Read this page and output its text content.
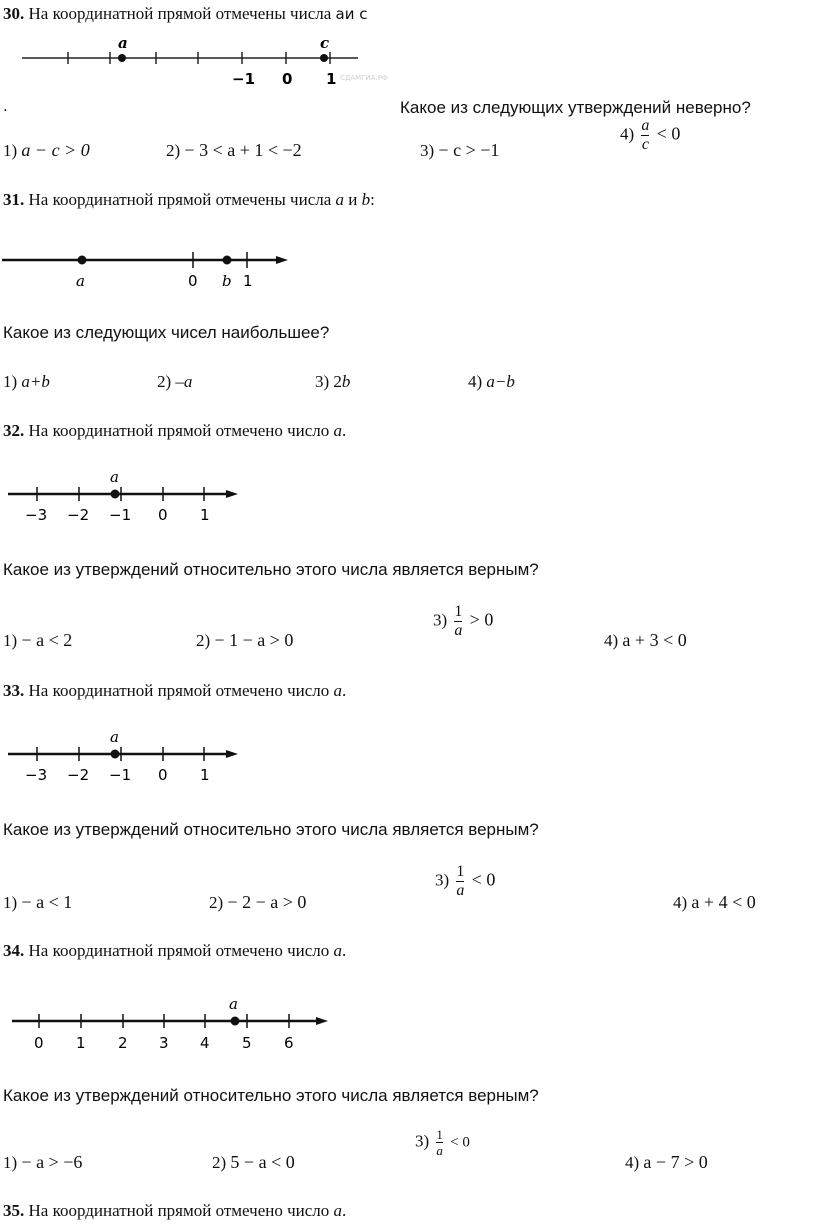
30. На координатной прямой отмечены числа aи c
a	c
−1 0 1 СДАМГИА.РФ
.	Какое из следующих утверждений неверно?
1) a − c > 0	2) − 3 < a + 1 < −2	3) − c > −1
$4) \frac{a}{c} < 0$
31. На координатной прямой отмечены числа a и b:
a	0 b 1
Какое из следующих чисел наибольшее?
1) a+b	2) –a	3) 2b	4) a−b
32. На координатной прямой отмечено число a.
a
−3 −2 −1 0 1
Какое из утверждений относительно этого числа является верным?
1) − a < 2	2) − 1 − a > 0
$3) \frac{1}{a} > 0$
4) a + 3 < 0
33. На координатной прямой отмечено число a.
a
−3 −2 −1 0 1
Какое из утверждений относительно этого числа является верным?
1) − a < 1	2) − 2 − a > 0
$3) \frac{1}{a} < 0$
4) a + 4 < 0
34. На координатной прямой отмечено число a.
a
0 1 2 3 4 5 6
Какое из утверждений относительно этого числа является верным?
1) − a > −6	2) 5 − a < 0
$3) \frac{1}{a} < 0$
4) a − 7 > 0
35. На координатной прямой отмечено число a.
